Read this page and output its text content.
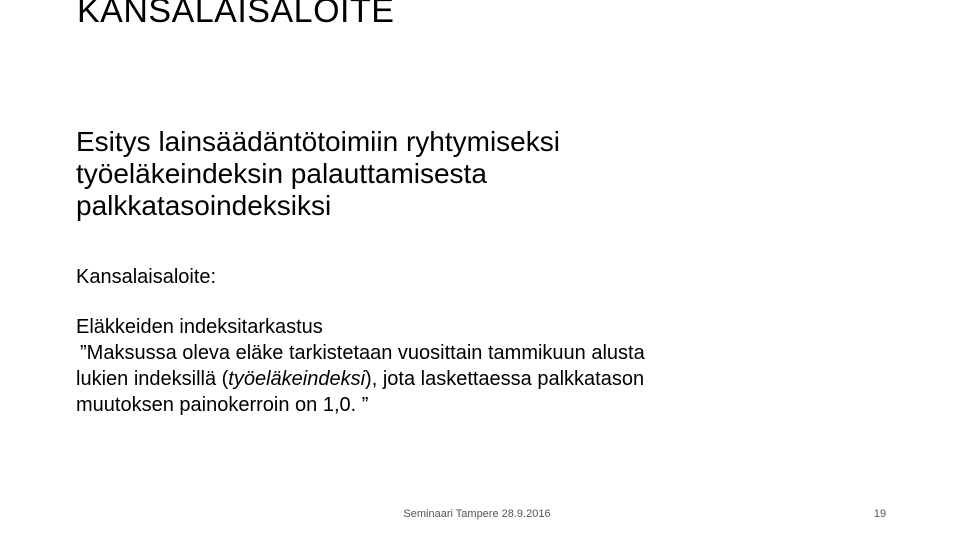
KANSALAISALOITE
Esitys lainsäädäntötoimiin ryhtymiseksi
työeläkeindeksin palauttamisesta
palkkatasoindeksiksi
Kansalaisaloite:
Eläkkeiden indeksitarkastus
”Maksussa oleva eläke tarkistetaan vuosittain tammikuun alusta
lukien indeksillä (työeläkeindeksi), jota laskettaessa palkkatason
muutoksen painokerroin on 1,0. ”
Seminaari Tampere 28.9.2016	19
